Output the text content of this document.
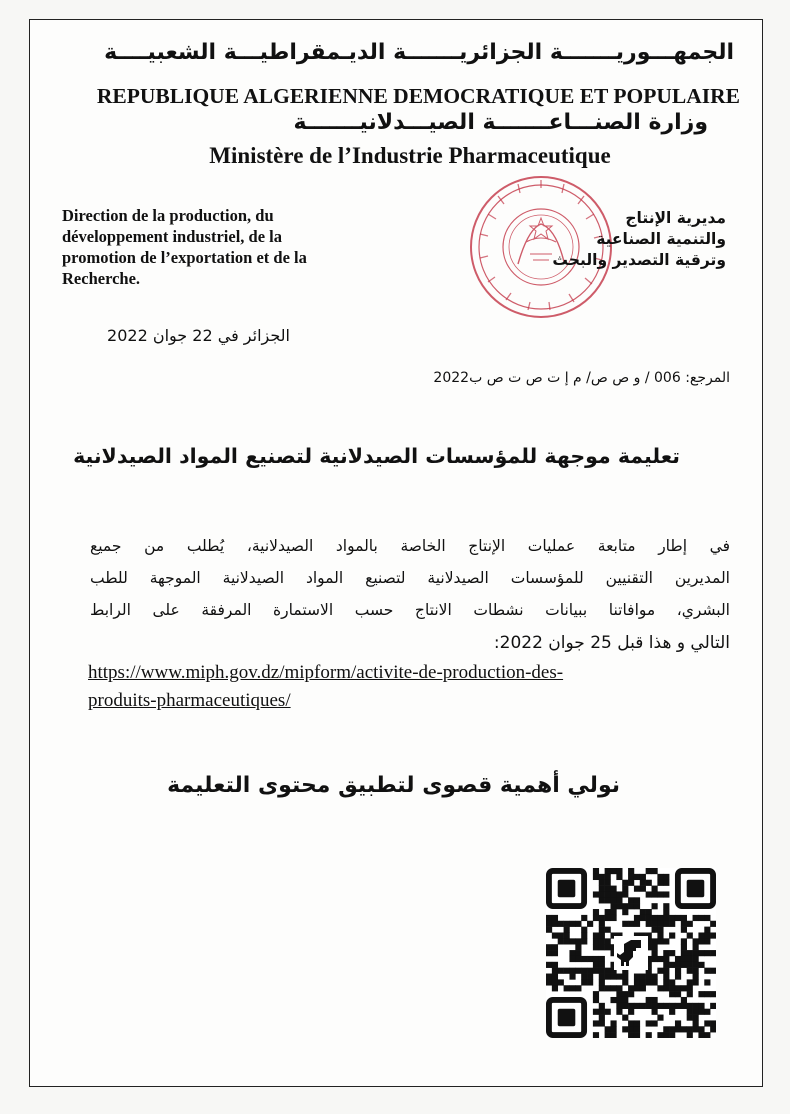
الجمهـــوريـــــــة الجزائريـــــــة الديـمقراطيـــة الشعبيــــة
REPUBLIQUE ALGERIENNE DEMOCRATIQUE ET POPULAIRE
وزارة الصنـــاعـــــــة الصيـــدلانيـــــــة
Ministère de l’Industrie Pharmaceutique
Direction de la production, du
développement industriel, de la
promotion de l’exportation et de la
Recherche.
مديرية الإنتاج
والتنمية الصناعية
وترقية التصدير والبحث
الجزائر في 22 جوان 2022
المرجع: 006 / و ص ص/ م إ ت ص ت ص ب2022
تعليمة موجهة للمؤسسات الصيدلانية لتصنيع المواد الصيدلانية
في إطار متابعة عمليات الإنتاج الخاصة بالمواد الصيدلانية، يُطلب من جميع
المديرين التقنيين للمؤسسات الصيدلانية لتصنيع المواد الصيدلانية الموجهة للطب
البشري، موافاتنا ببيانات نشطات الانتاج حسب الاستمارة المرفقة على الرابط
التالي و هذا قبل 25 جوان 2022:
https://www.miph.gov.dz/mipform/activite-de-production-des-
produits-pharmaceutiques/
نولي أهمية قصوى لتطبيق محتوى التعليمة
